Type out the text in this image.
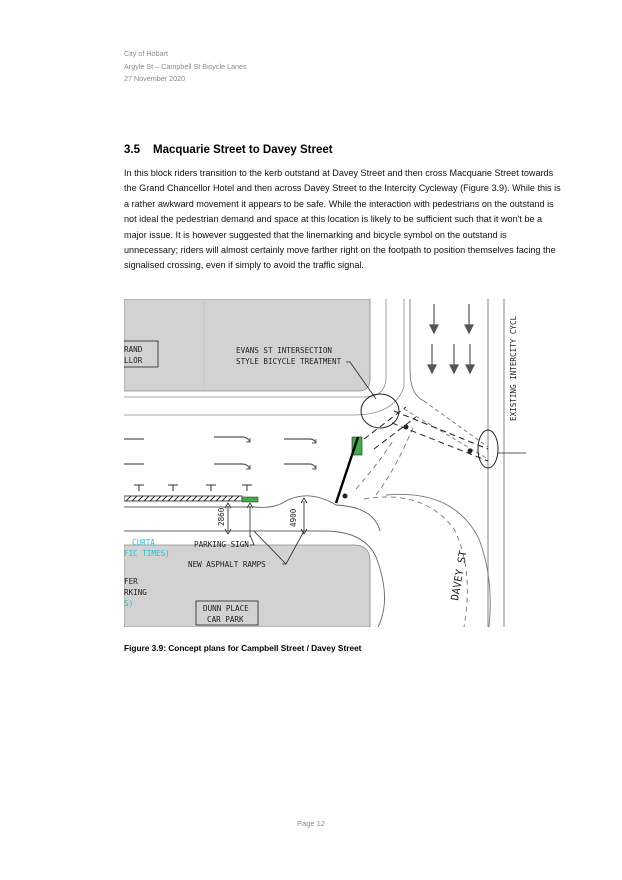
City of Hobart
Argyle St – Campbell St Bicycle Lanes
27 November 2020
3.5 Macquarie Street to Davey Street
In this block riders transition to the kerb outstand at Davey Street and then cross Macquarie Street towards the Grand Chancellor Hotel and then across Davey Street to the Intercity Cycleway (Figure 3.9). While this is a rather awkward movement it appears to be safe. While the interaction with pedestrians on the outstand is not ideal the pedestrian demand and space at this location is likely to be sufficient such that it won't be a major issue. It is however suggested that the linemarking and bicycle symbol on the outstand is unnecessary; riders will almost certainly move farther right on the footpath to position themselves facing the signalised crossing, even if simply to avoid the traffic signal.
RAND
LLOR	EXISTING INTERCITY CYCL
EVANS ST INTERSECTION
STYLE BICYCLE TREATMENT
2860	4900
PARKING SIGN
NEW ASPHALT RAMPS
CURTA
FIC TIMES)
FER
RKING
S)
DUNN PLACE
CAR PARK
DAVEY ST
Figure 3.9: Concept plans for Campbell Street / Davey Street
Page 12
